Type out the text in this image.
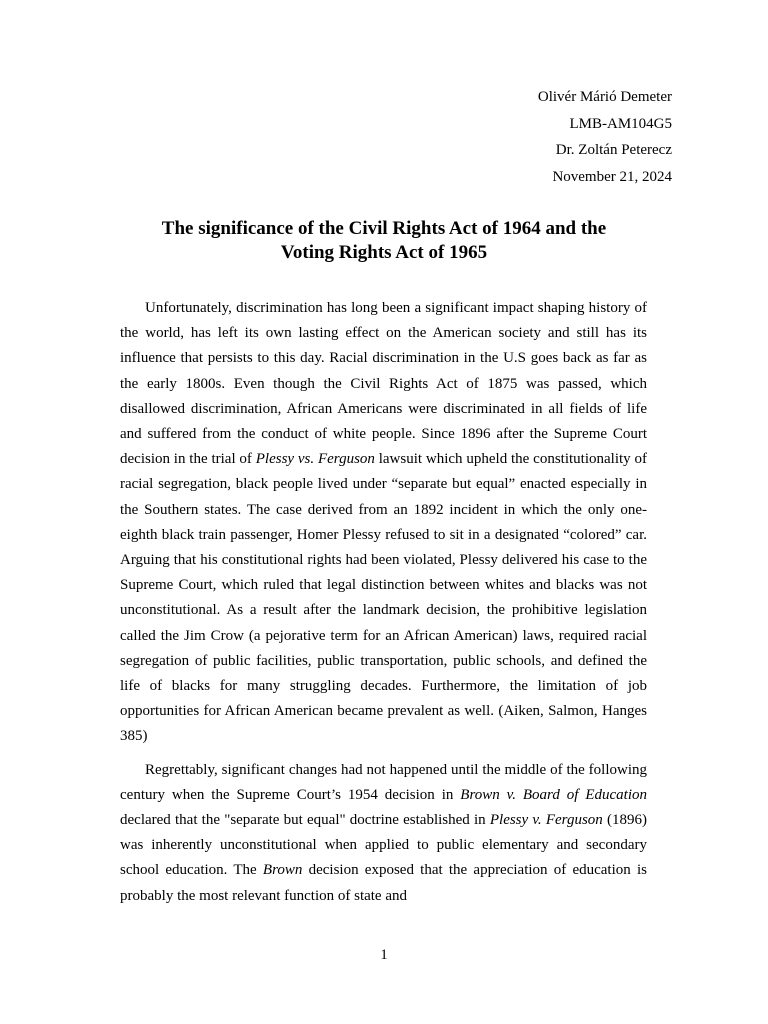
Olivér Márió Demeter
LMB-AM104G5
Dr. Zoltán Peterecz
November 21, 2024
The significance of the Civil Rights Act of 1964 and the
Voting Rights Act of 1965

Unfortunately, discrimination has long been a significant impact shaping history of the world, has left its own lasting effect on the American society and still has its influence that persists to this day. Racial discrimination in the U.S goes back as far as the early 1800s. Even though the Civil Rights Act of 1875 was passed, which disallowed discrimination, African Americans were discriminated in all fields of life and suffered from the conduct of white people. Since 1896 after the Supreme Court decision in the trial of Plessy vs. Ferguson lawsuit which upheld the constitutionality of racial segregation, black people lived under “separate but equal” enacted especially in the Southern states. The case derived from an 1892 incident in which the only one-eighth black train passenger, Homer Plessy refused to sit in a designated “colored” car. Arguing that his constitutional rights had been violated, Plessy delivered his case to the Supreme Court, which ruled that legal distinction between whites and blacks was not unconstitutional. As a result after the landmark decision, the prohibitive legislation called the Jim Crow (a pejorative term for an African American) laws, required racial segregation of public facilities, public transportation, public schools, and defined the life of blacks for many struggling decades. Furthermore, the limitation of job opportunities for African American became prevalent as well. (Aiken, Salmon, Hanges 385)

Regrettably, significant changes had not happened until the middle of the following century when the Supreme Court’s 1954 decision in Brown v. Board of Education declared that the "separate but equal" doctrine established in Plessy v. Ferguson (1896) was inherently unconstitutional when applied to public elementary and secondary school education. The Brown decision exposed that the appreciation of education is probably the most relevant function of state and

1
